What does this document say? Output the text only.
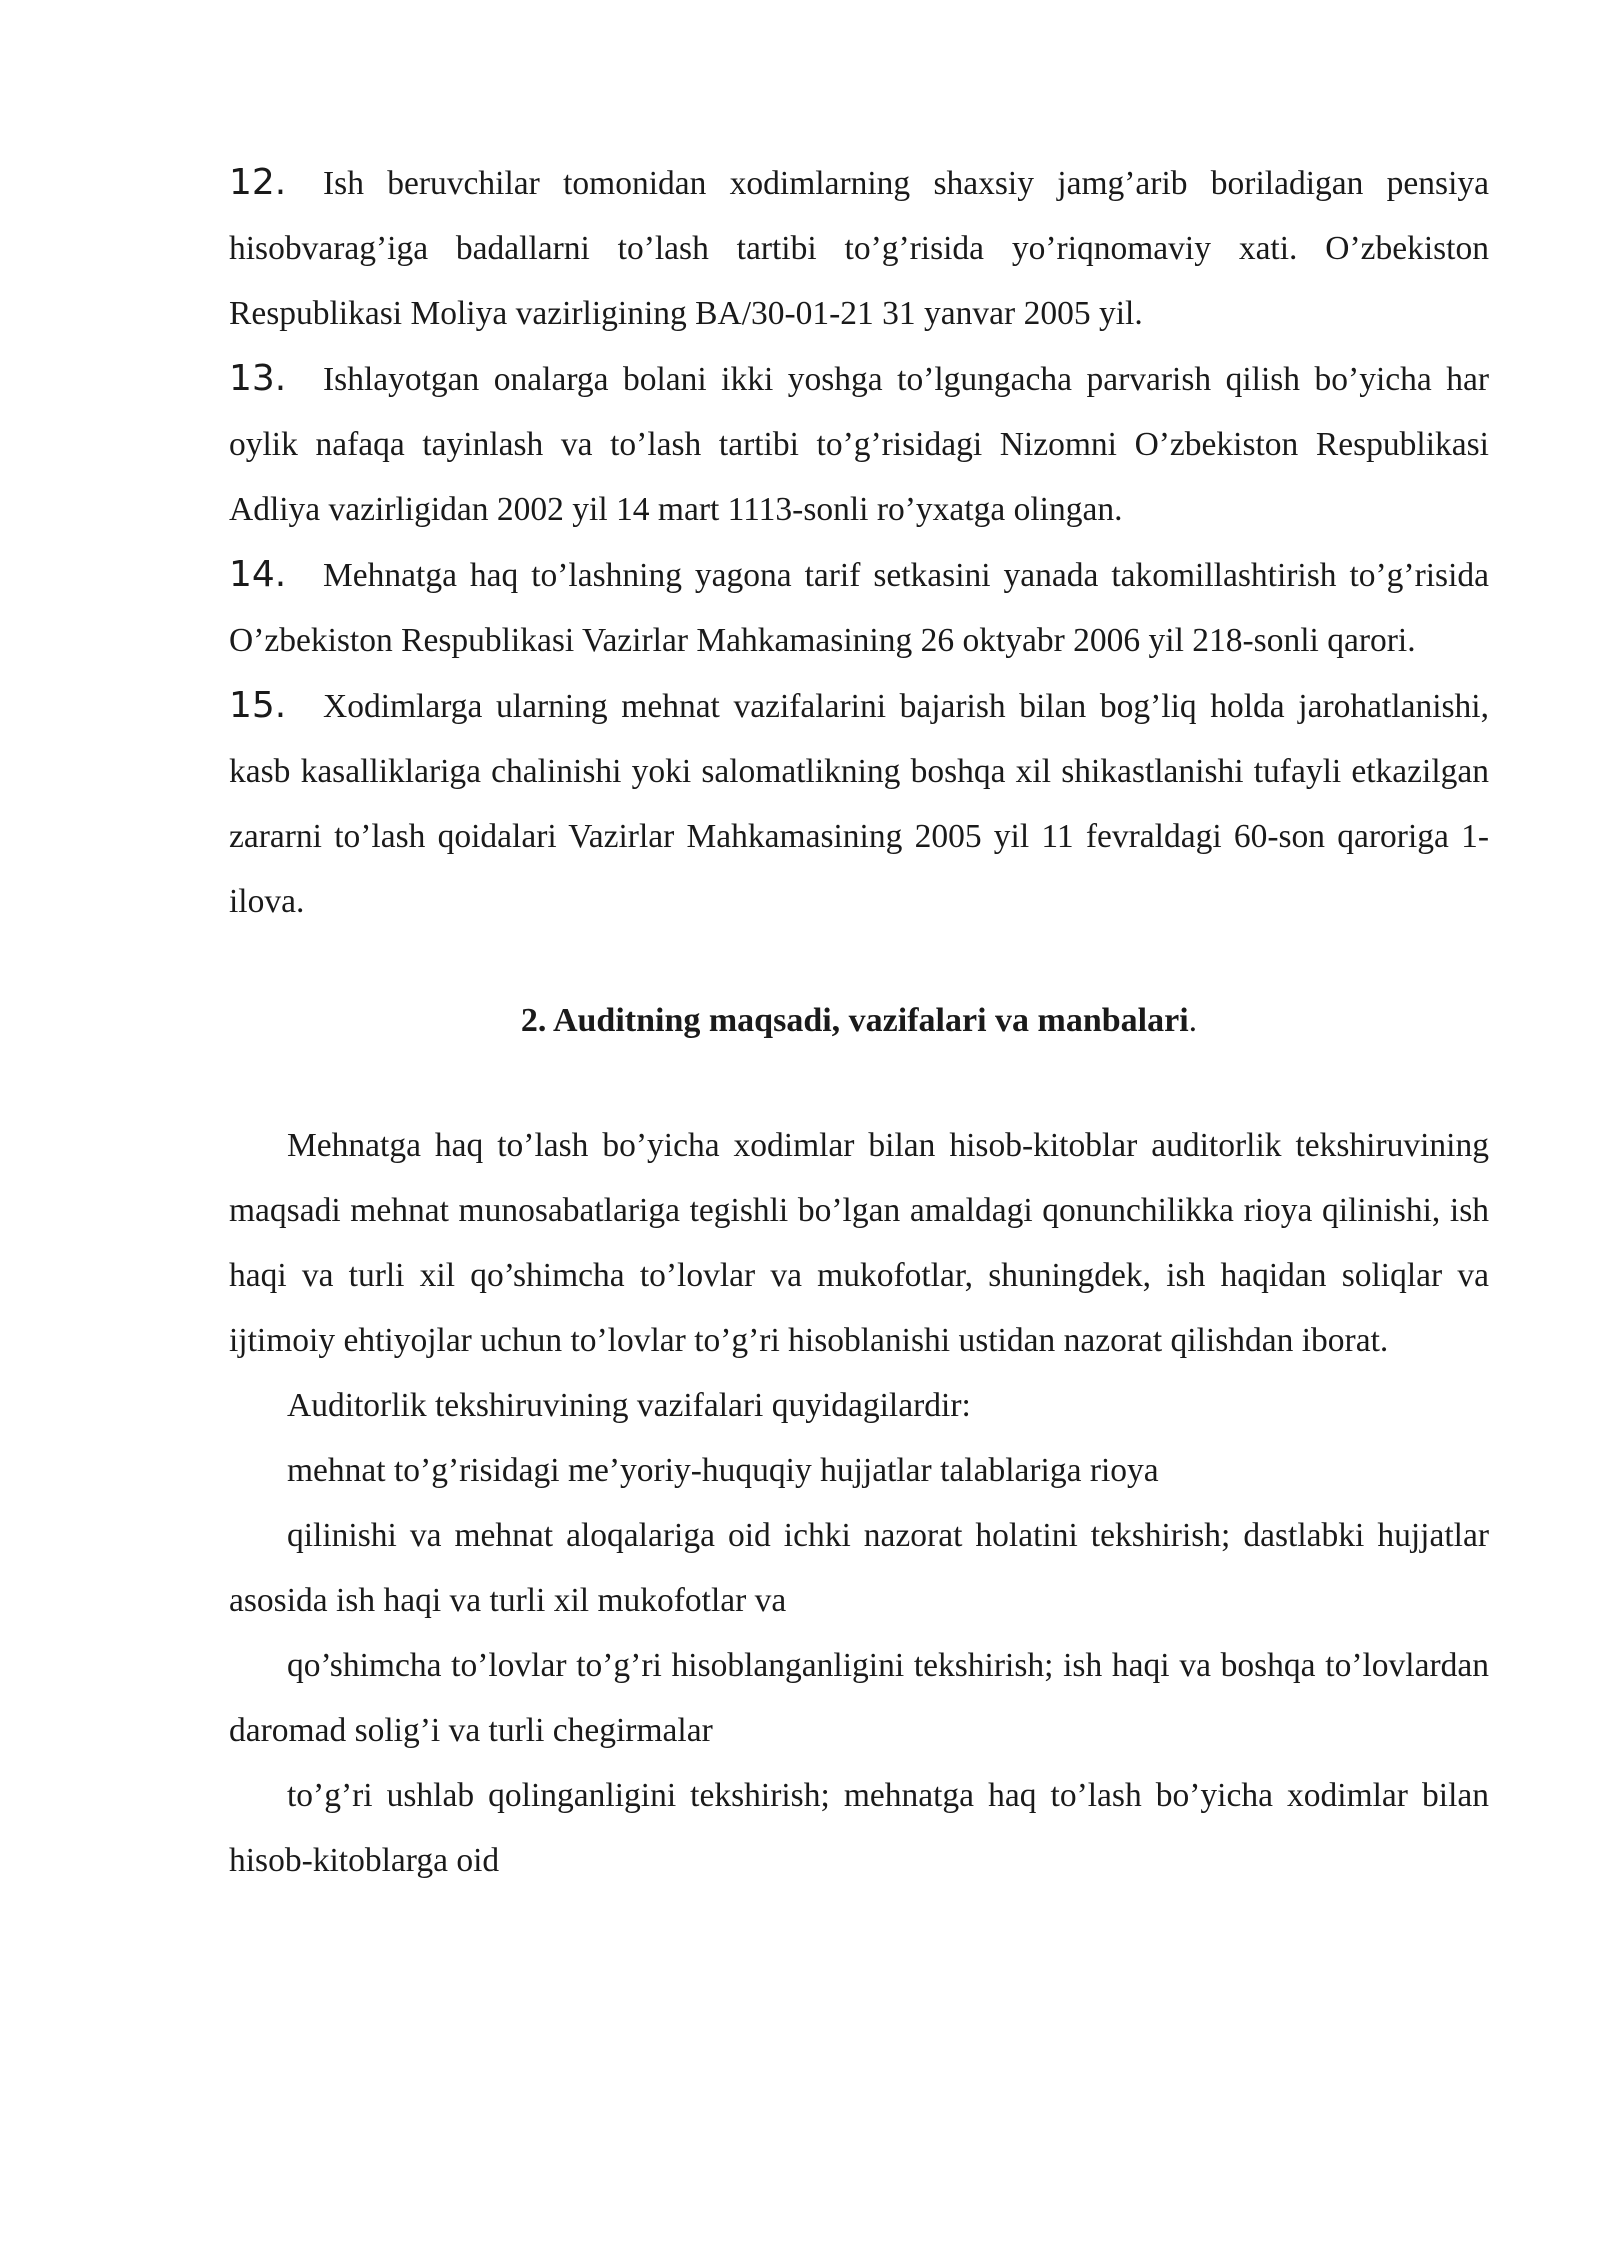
12. Ish beruvchilar tomonidan xodimlarning shaxsiy jamg’arib boriladigan pensiya hisobvarag’iga badallarni to’lash tartibi to’g’risida yo’riqnomaviy xati. O’zbekiston Respublikasi Moliya vazirligining BA/30-01-21 31 yanvar 2005 yil.

13. Ishlayotgan onalarga bolani ikki yoshga to’lgungacha parvarish qilish bo’yicha har oylik nafaqa tayinlash va to’lash tartibi to’g’risidagi Nizomni O’zbekiston Respublikasi Adliya vazirligidan 2002 yil 14 mart 1113-sonli ro’yxatga olingan.

14. Mehnatga haq to’lashning yagona tarif setkasini yanada takomillashtirish to’g’risida O’zbekiston Respublikasi Vazirlar Mahkamasining 26 oktyabr 2006 yil 218-sonli qarori.

15. Xodimlarga ularning mehnat vazifalarini bajarish bilan bog’liq holda jarohatlanishi, kasb kasalliklariga chalinishi yoki salomatlikning boshqa xil shikastlanishi tufayli etkazilgan zararni to’lash qoidalari Vazirlar Mahkamasining 2005 yil 11 fevraldagi 60-son qaroriga 1-ilova.

2. Auditning maqsadi, vazifalari va manbalari.

Mehnatga haq to’lash bo’yicha xodimlar bilan hisob-kitoblar auditorlik tekshiruvining maqsadi mehnat munosabatlariga tegishli bo’lgan amaldagi qonunchilikka rioya qilinishi, ish haqi va turli xil qo’shimcha to’lovlar va mukofotlar, shuningdek, ish haqidan soliqlar va ijtimoiy ehtiyojlar uchun to’lovlar to’g’ri hisoblanishi ustidan nazorat qilishdan iborat.

Auditorlik tekshiruvining vazifalari quyidagilardir:

mehnat to’g’risidagi me’yoriy-huquqiy hujjatlar talablariga rioya

qilinishi va mehnat aloqalariga oid ichki nazorat holatini tekshirish; dastlabki hujjatlar asosida ish haqi va turli xil mukofotlar va

qo’shimcha to’lovlar to’g’ri hisoblanganligini tekshirish; ish haqi va boshqa to’lovlardan daromad solig’i va turli chegirmalar

to’g’ri ushlab qolinganligini tekshirish; mehnatga haq to’lash bo’yicha xodimlar bilan hisob-kitoblarga oid
